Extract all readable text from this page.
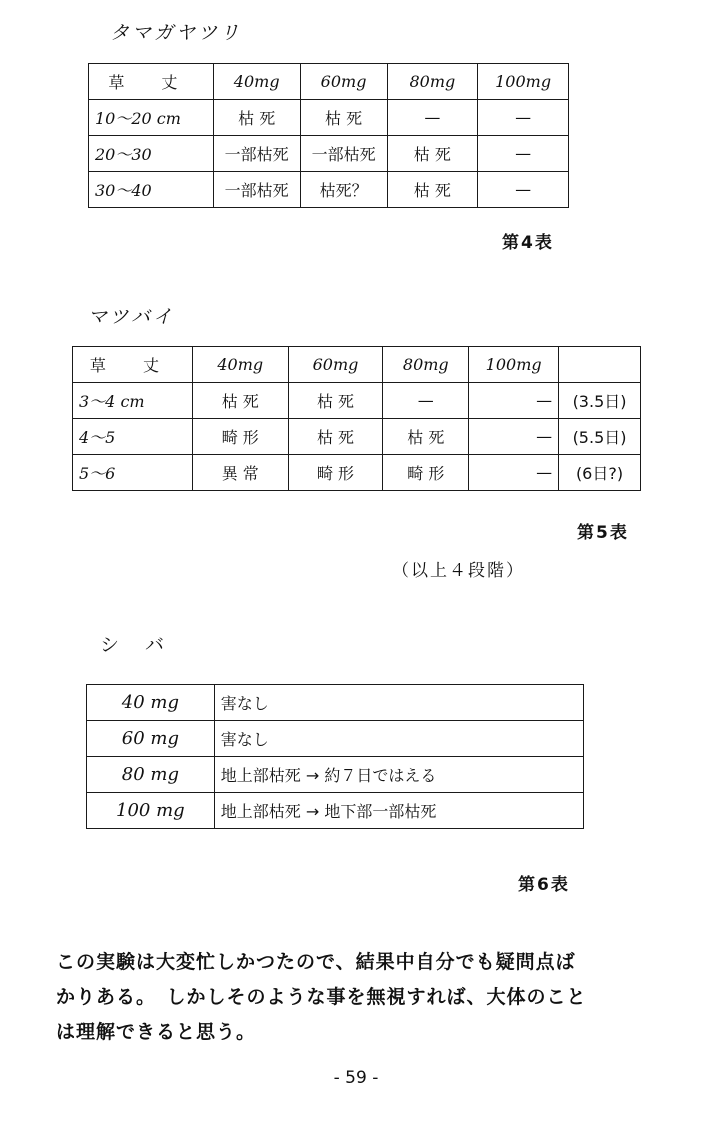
タマガヤツリ
草 丈	40mg	60mg	80mg	100mg
10～20 cm	枯 死	枯 死	—	—
20～30	一部枯死	一部枯死	枯 死	—
30～40	一部枯死	枯死？	枯 死	—
第4表
マツバイ
草 丈	40mg	60mg	80mg	100mg	
3～4 cm	枯 死	枯 死	—	—	(3.5日)
4～5	畸 形	枯 死	枯 死	—	(5.5日)
5～6	異 常	畸 形	畸 形	—	(6日?)
第5表
（以上４段階）
シ バ
40 mg	害なし
60 mg	害なし
80 mg	地上部枯死 → 約７日ではえる
100 mg	地上部枯死 → 地下部一部枯死
第6表
この実験は大変忙しかつたので、結果中自分でも疑問点ば
かりある。　しかしそのような事を無視すれば、大体のこと
は理解できると思う。
- 59 -
